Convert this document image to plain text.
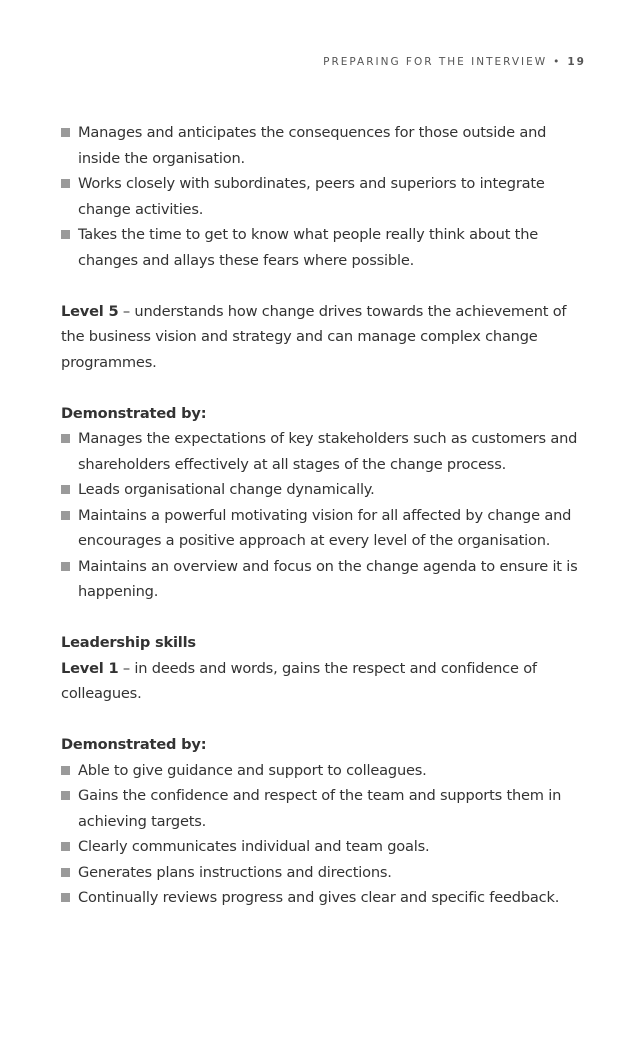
PREPARING FOR THE INTERVIEW • 19
Manages and anticipates the consequences for those outside and inside the organisation.
Works closely with subordinates, peers and superiors to integrate change activities.
Takes the time to get to know what people really think about the changes and allays these fears where possible.

Level 5 – understands how change drives towards the achievement of the business vision and strategy and can manage complex change programmes.

Demonstrated by:

Manages the expectations of key stakeholders such as customers and shareholders effectively at all stages of the change process.
Leads organisational change dynamically.
Maintains a powerful motivating vision for all affected by change and encourages a positive approach at every level of the organisation.
Maintains an overview and focus on the change agenda to ensure it is happening.

Leadership skills

Level 1 – in deeds and words, gains the respect and confidence of colleagues.

Demonstrated by:

Able to give guidance and support to colleagues.
Gains the confidence and respect of the team and supports them in achieving targets.
Clearly communicates individual and team goals.
Generates plans instructions and directions.
Continually reviews progress and gives clear and specific feedback.
